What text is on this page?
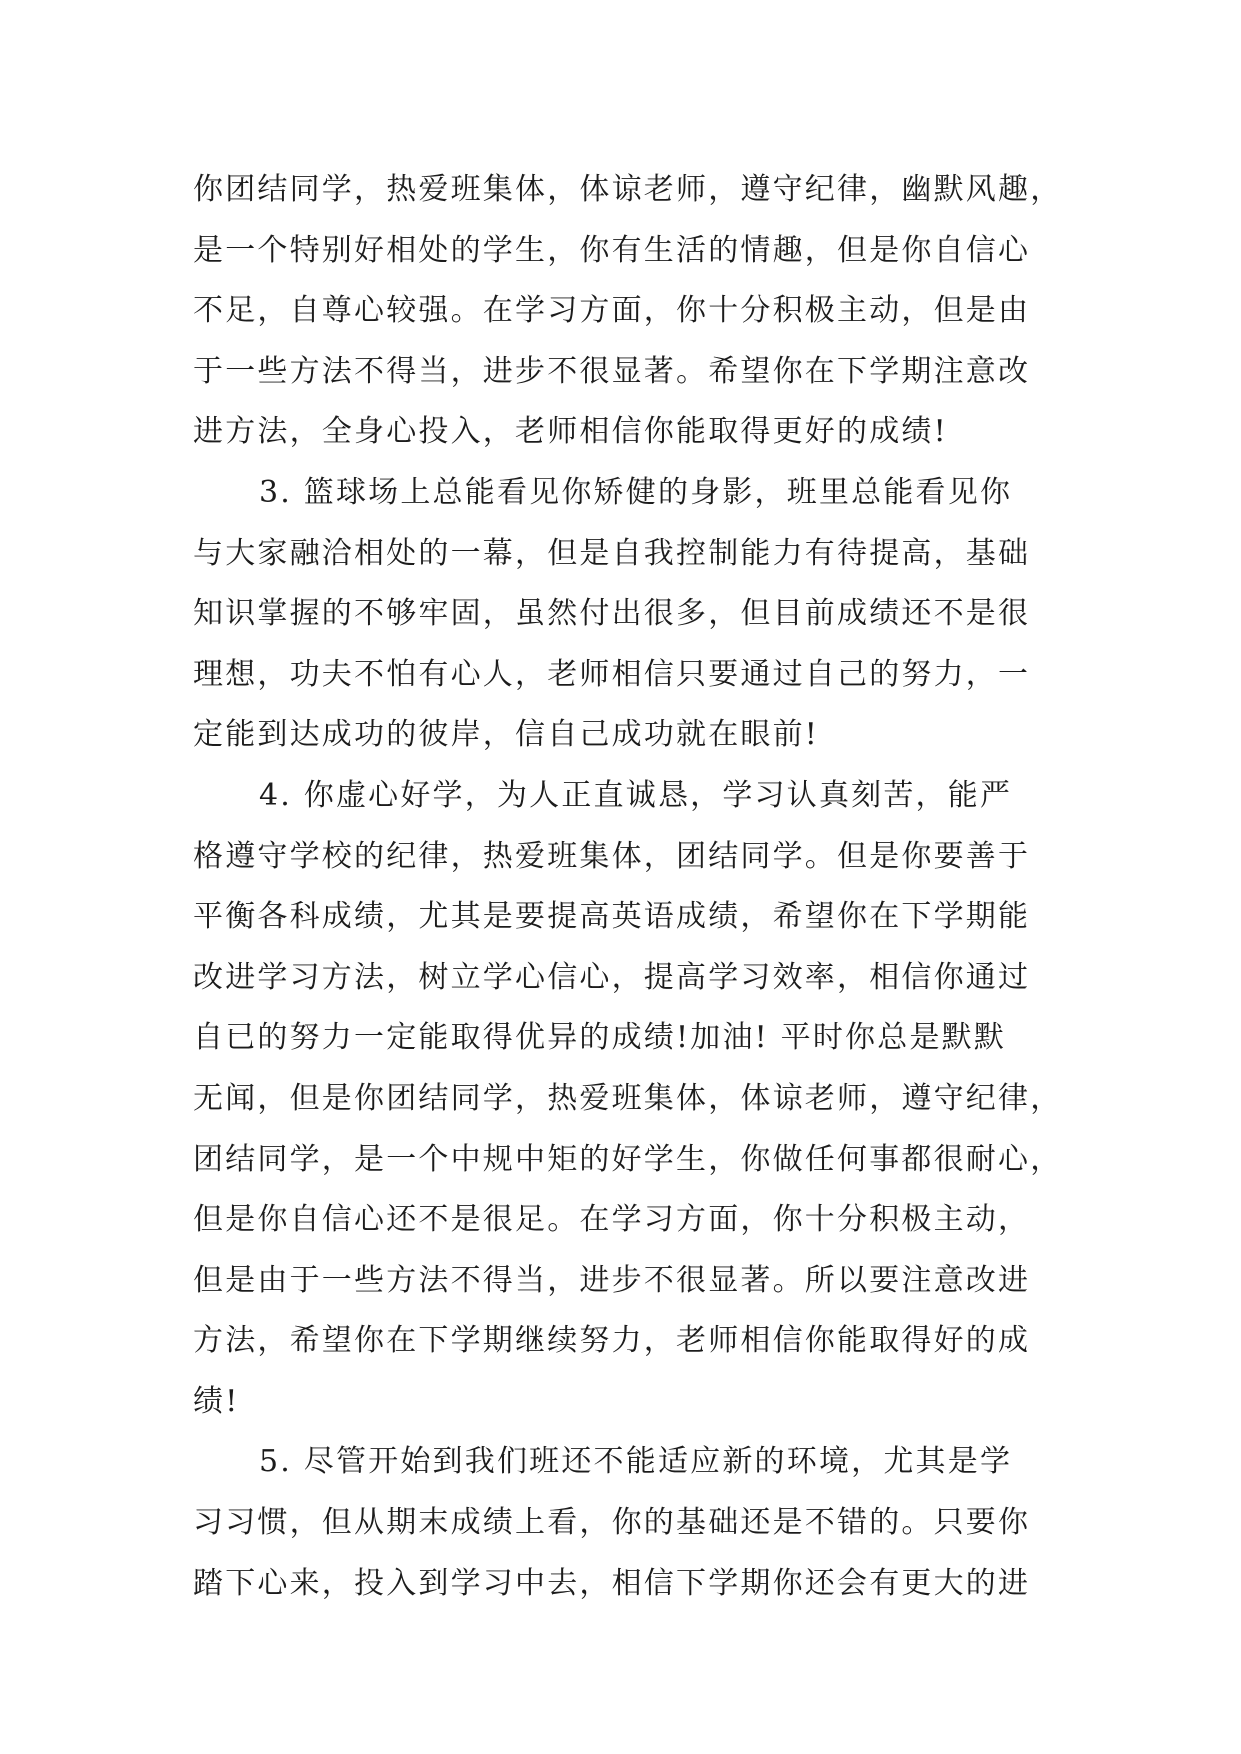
你团结同学，热爱班集体，体谅老师，遵守纪律，幽默风趣，
是一个特别好相处的学生，你有生活的情趣，但是你自信心
不足，自尊心较强。在学习方面，你十分积极主动，但是由
于一些方法不得当，进步不很显著。希望你在下学期注意改
进方法，全身心投入，老师相信你能取得更好的成绩!

3. 篮球场上总能看见你矫健的身影，班里总能看见你
与大家融洽相处的一幕，但是自我控制能力有待提高，基础
知识掌握的不够牢固，虽然付出很多，但目前成绩还不是很
理想，功夫不怕有心人，老师相信只要通过自己的努力，一
定能到达成功的彼岸，信自己成功就在眼前!

4. 你虚心好学，为人正直诚恳，学习认真刻苦，能严
格遵守学校的纪律，热爱班集体，团结同学。但是你要善于
平衡各科成绩，尤其是要提高英语成绩，希望你在下学期能
改进学习方法，树立学心信心，提高学习效率，相信你通过
自已的努力一定能取得优异的成绩!加油! 平时你总是默默
无闻，但是你团结同学，热爱班集体，体谅老师，遵守纪律，
团结同学，是一个中规中矩的好学生，你做任何事都很耐心，
但是你自信心还不是很足。在学习方面，你十分积极主动，
但是由于一些方法不得当，进步不很显著。所以要注意改进
方法，希望你在下学期继续努力，老师相信你能取得好的成
绩!

5. 尽管开始到我们班还不能适应新的环境，尤其是学
习习惯，但从期末成绩上看，你的基础还是不错的。只要你
踏下心来，投入到学习中去，相信下学期你还会有更大的进
